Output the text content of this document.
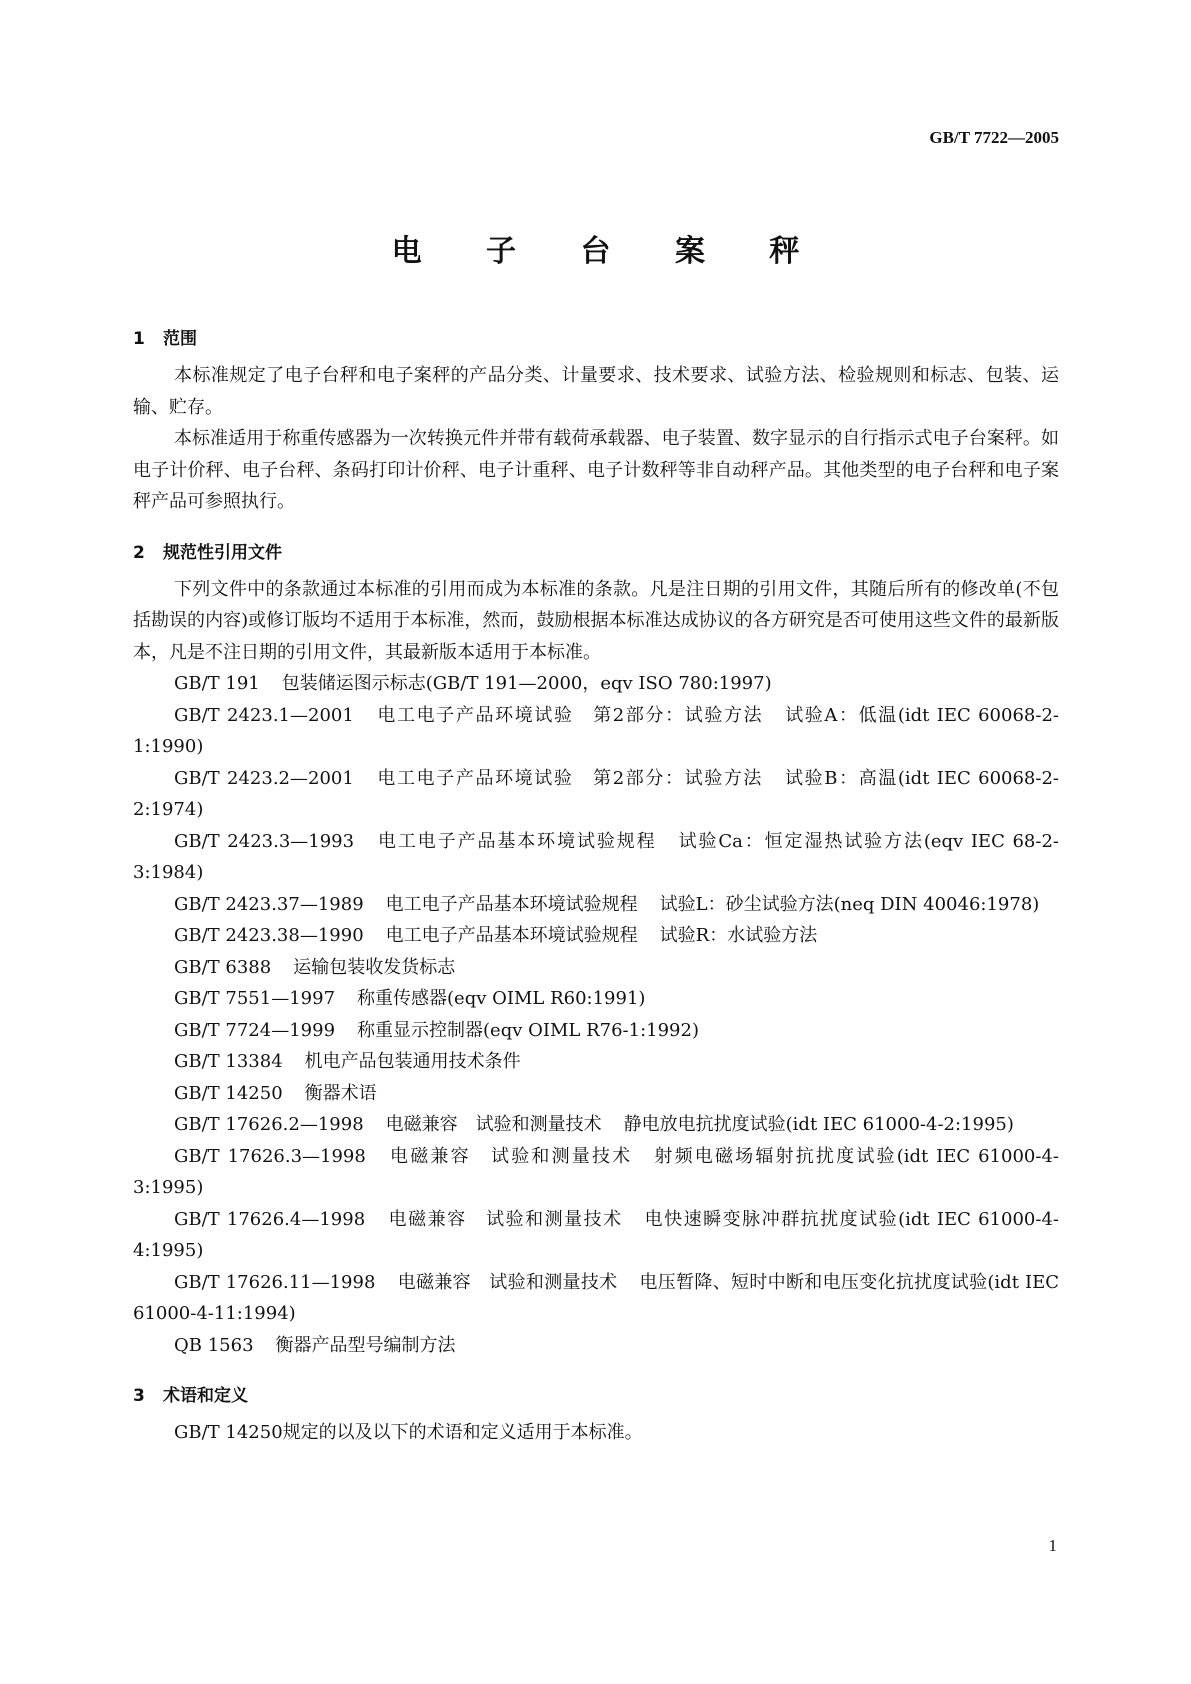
GB/T 7722—2005
电 子 台 案 秤
1 范围

本标准规定了电子台秤和电子案秤的产品分类、计量要求、技术要求、试验方法、检验规则和标志、包装、运输、贮存。

本标准适用于称重传感器为一次转换元件并带有载荷承载器、电子装置、数字显示的自行指示式电子台案秤。如电子计价秤、电子台秤、条码打印计价秤、电子计重秤、电子计数秤等非自动秤产品。其他类型的电子台秤和电子案秤产品可参照执行。

2 规范性引用文件

下列文件中的条款通过本标准的引用而成为本标准的条款。凡是注日期的引用文件，其随后所有的修改单(不包括勘误的内容)或修订版均不适用于本标准，然而，鼓励根据本标准达成协议的各方研究是否可使用这些文件的最新版本，凡是不注日期的引用文件，其最新版本适用于本标准。

GB/T 191 包装储运图示标志(GB/T 191—2000，eqv ISO 780:1997)

GB/T 2423.1—2001 电工电子产品环境试验　第2部分：试验方法 试验A：低温(idt IEC 60068-2-1:1990)

GB/T 2423.2—2001 电工电子产品环境试验　第2部分：试验方法 试验B：高温(idt IEC 60068-2-2:1974)

GB/T 2423.3—1993 电工电子产品基本环境试验规程 试验Ca：恒定湿热试验方法(eqv IEC 68-2-3:1984)

GB/T 2423.37—1989 电工电子产品基本环境试验规程 试验L：砂尘试验方法(neq DIN 40046:1978)

GB/T 2423.38—1990 电工电子产品基本环境试验规程 试验R：水试验方法

GB/T 6388 运输包装收发货标志

GB/T 7551—1997 称重传感器(eqv OIML R60:1991)

GB/T 7724—1999 称重显示控制器(eqv OIML R76-1:1992)

GB/T 13384 机电产品包装通用技术条件

GB/T 14250 衡器术语

GB/T 17626.2—1998 电磁兼容　试验和测量技术 静电放电抗扰度试验(idt IEC 61000-4-2:1995)

GB/T 17626.3—1998 电磁兼容　试验和测量技术 射频电磁场辐射抗扰度试验(idt IEC 61000-4-3:1995)

GB/T 17626.4—1998 电磁兼容　试验和测量技术 电快速瞬变脉冲群抗扰度试验(idt IEC 61000-4-4:1995)

GB/T 17626.11—1998 电磁兼容　试验和测量技术 电压暂降、短时中断和电压变化抗扰度试验(idt IEC 61000-4-11:1994)

QB 1563 衡器产品型号编制方法

3 术语和定义

GB/T 14250规定的以及以下的术语和定义适用于本标准。

1
